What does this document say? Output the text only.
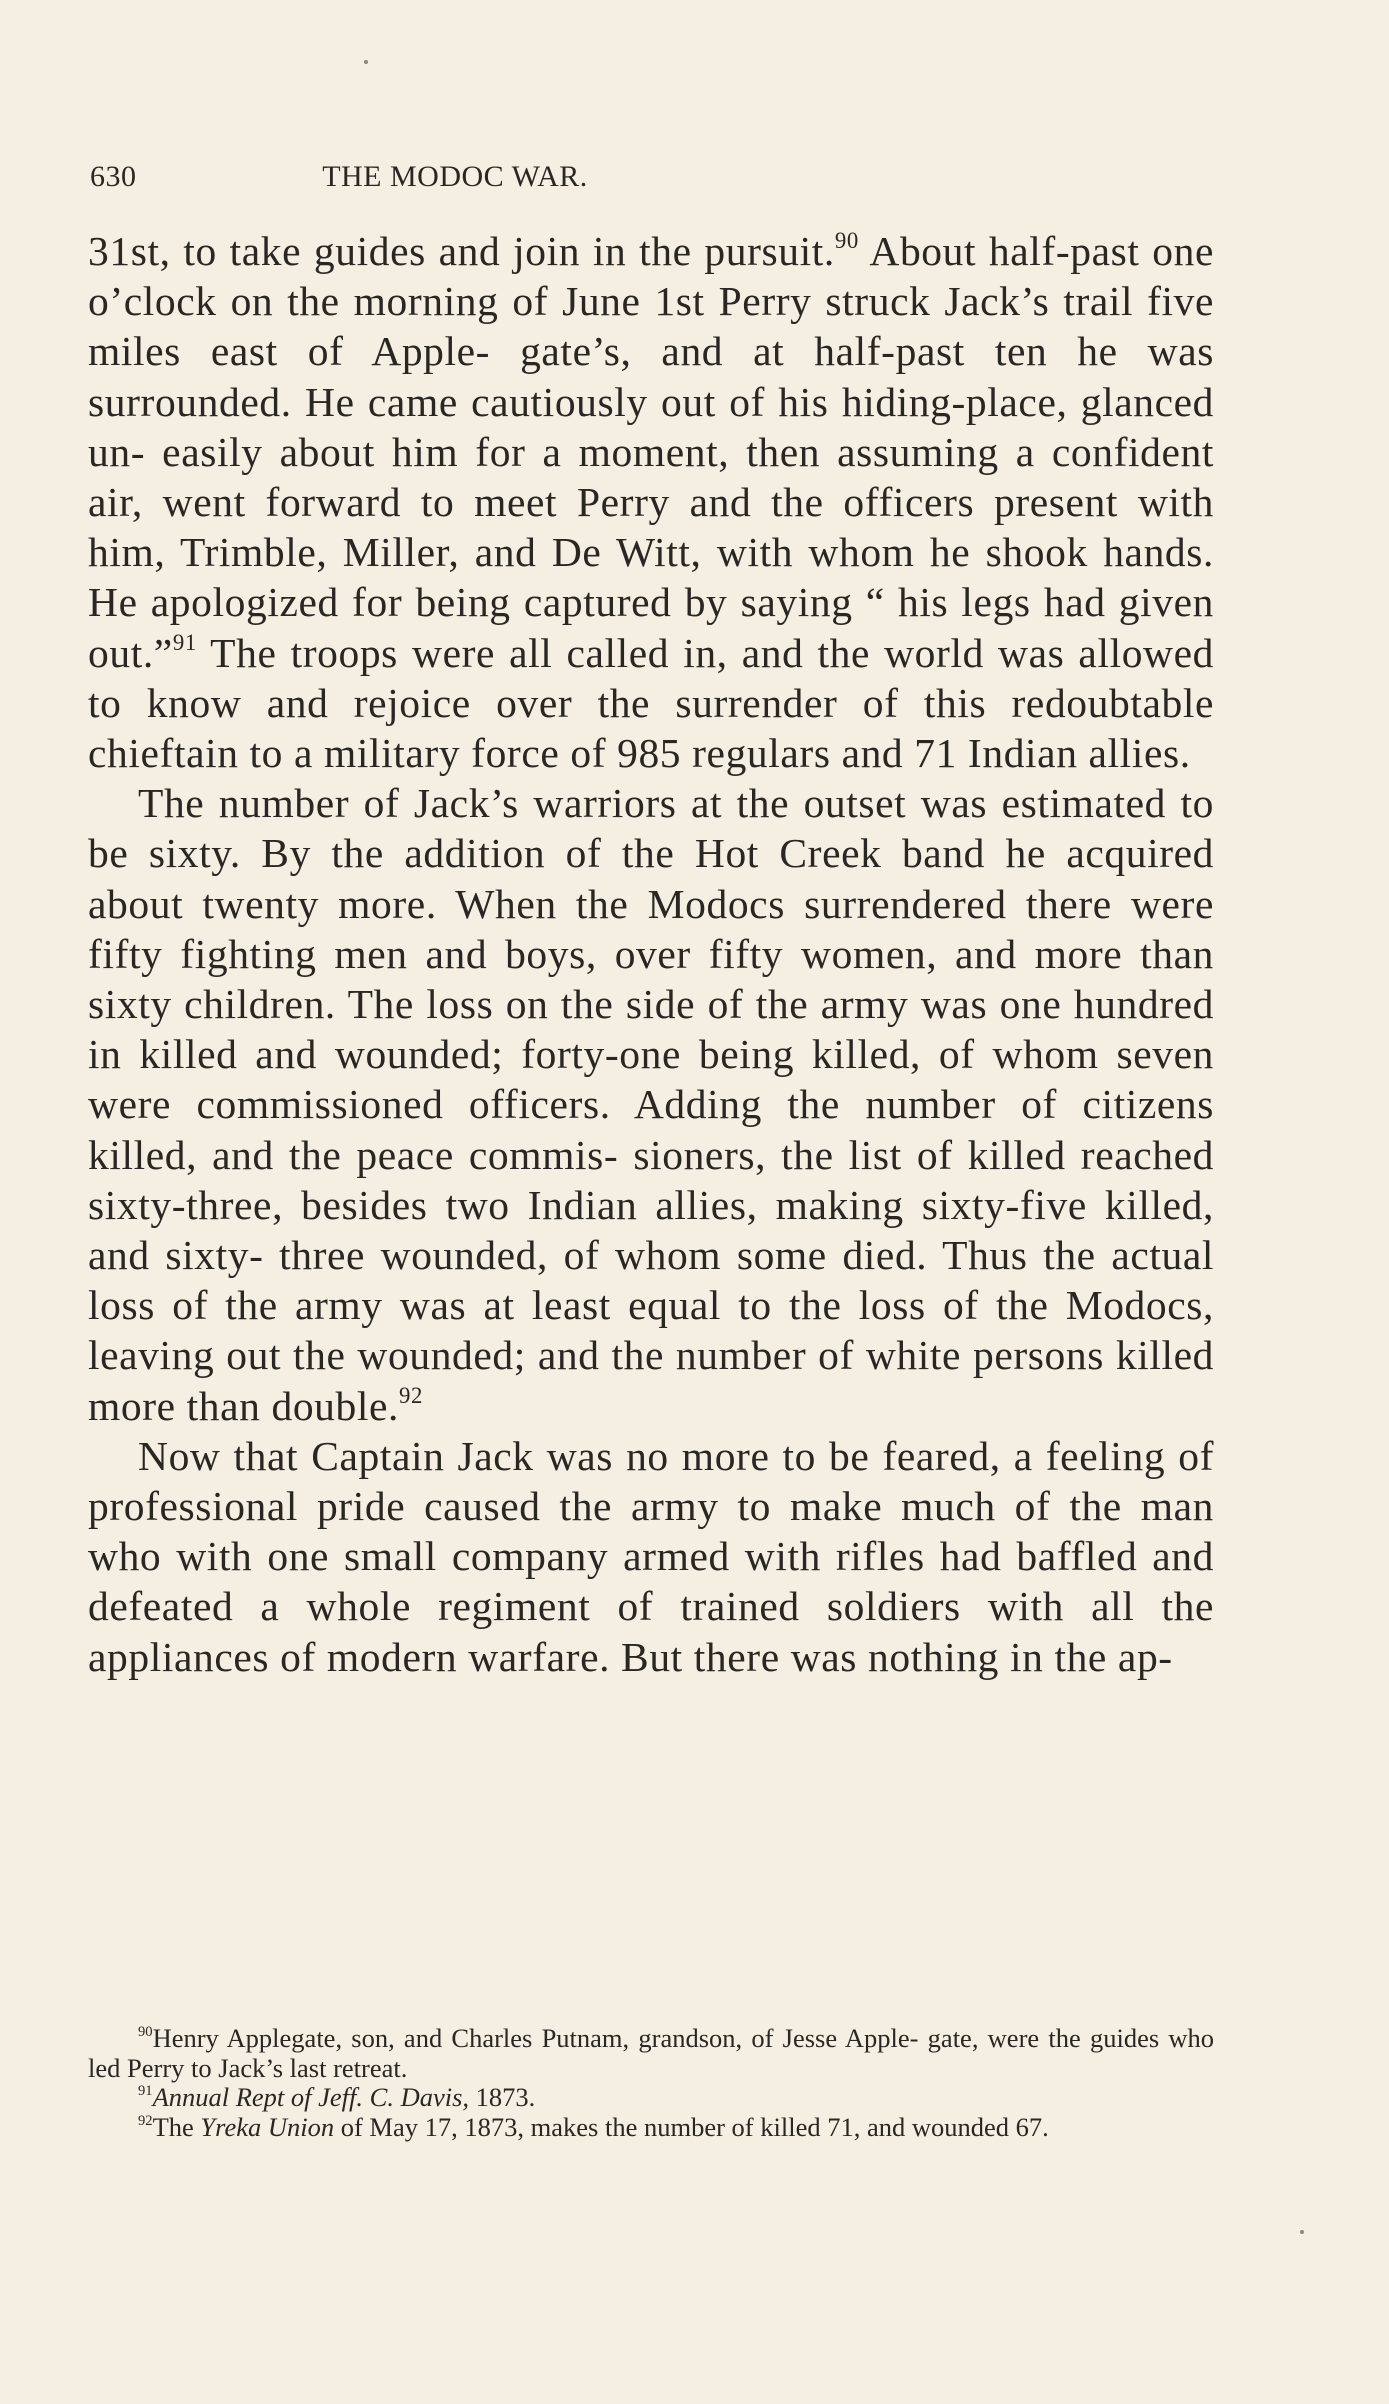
630	THE MODOC WAR.

31st, to take guides and join in the pursuit.$^{90}$ About half-past one o’clock on the morning of June 1st Perry struck Jack’s trail five miles east of Apple- gate’s, and at half-past ten he was surrounded. He came cautiously out of his hiding-place, glanced un- easily about him for a moment, then assuming a confident air, went forward to meet Perry and the officers present with him, Trimble, Miller, and De Witt, with whom he shook hands. He apologized for being captured by saying “ his legs had given out.”$^{91}$ The troops were all called in, and the world was allowed to know and rejoice over the surrender of this redoubtable chieftain to a military force of 985 regulars and 71 Indian allies.

The number of Jack’s warriors at the outset was estimated to be sixty. By the addition of the Hot Creek band he acquired about twenty more. When the Modocs surrendered there were fifty fighting men and boys, over fifty women, and more than sixty children. The loss on the side of the army was one hundred in killed and wounded; forty-one being killed, of whom seven were commissioned officers. Adding the number of citizens killed, and the peace commis- sioners, the list of killed reached sixty-three, besides two Indian allies, making sixty-five killed, and sixty- three wounded, of whom some died. Thus the actual loss of the army was at least equal to the loss of the Modocs, leaving out the wounded; and the number of white persons killed more than double.$^{92}$

Now that Captain Jack was no more to be feared, a feeling of professional pride caused the army to make much of the man who with one small company armed with rifles had baffled and defeated a whole regiment of trained soldiers with all the appliances of modern warfare. But there was nothing in the ap-

$^{90}$Henry Applegate, son, and Charles Putnam, grandson, of Jesse Apple- gate, were the guides who led Perry to Jack’s last retreat.

$^{91}$Annual Rept of Jeff. C. Davis, 1873.

$^{92}$The Yreka Union of May 17, 1873, makes the number of killed 71, and wounded 67.
